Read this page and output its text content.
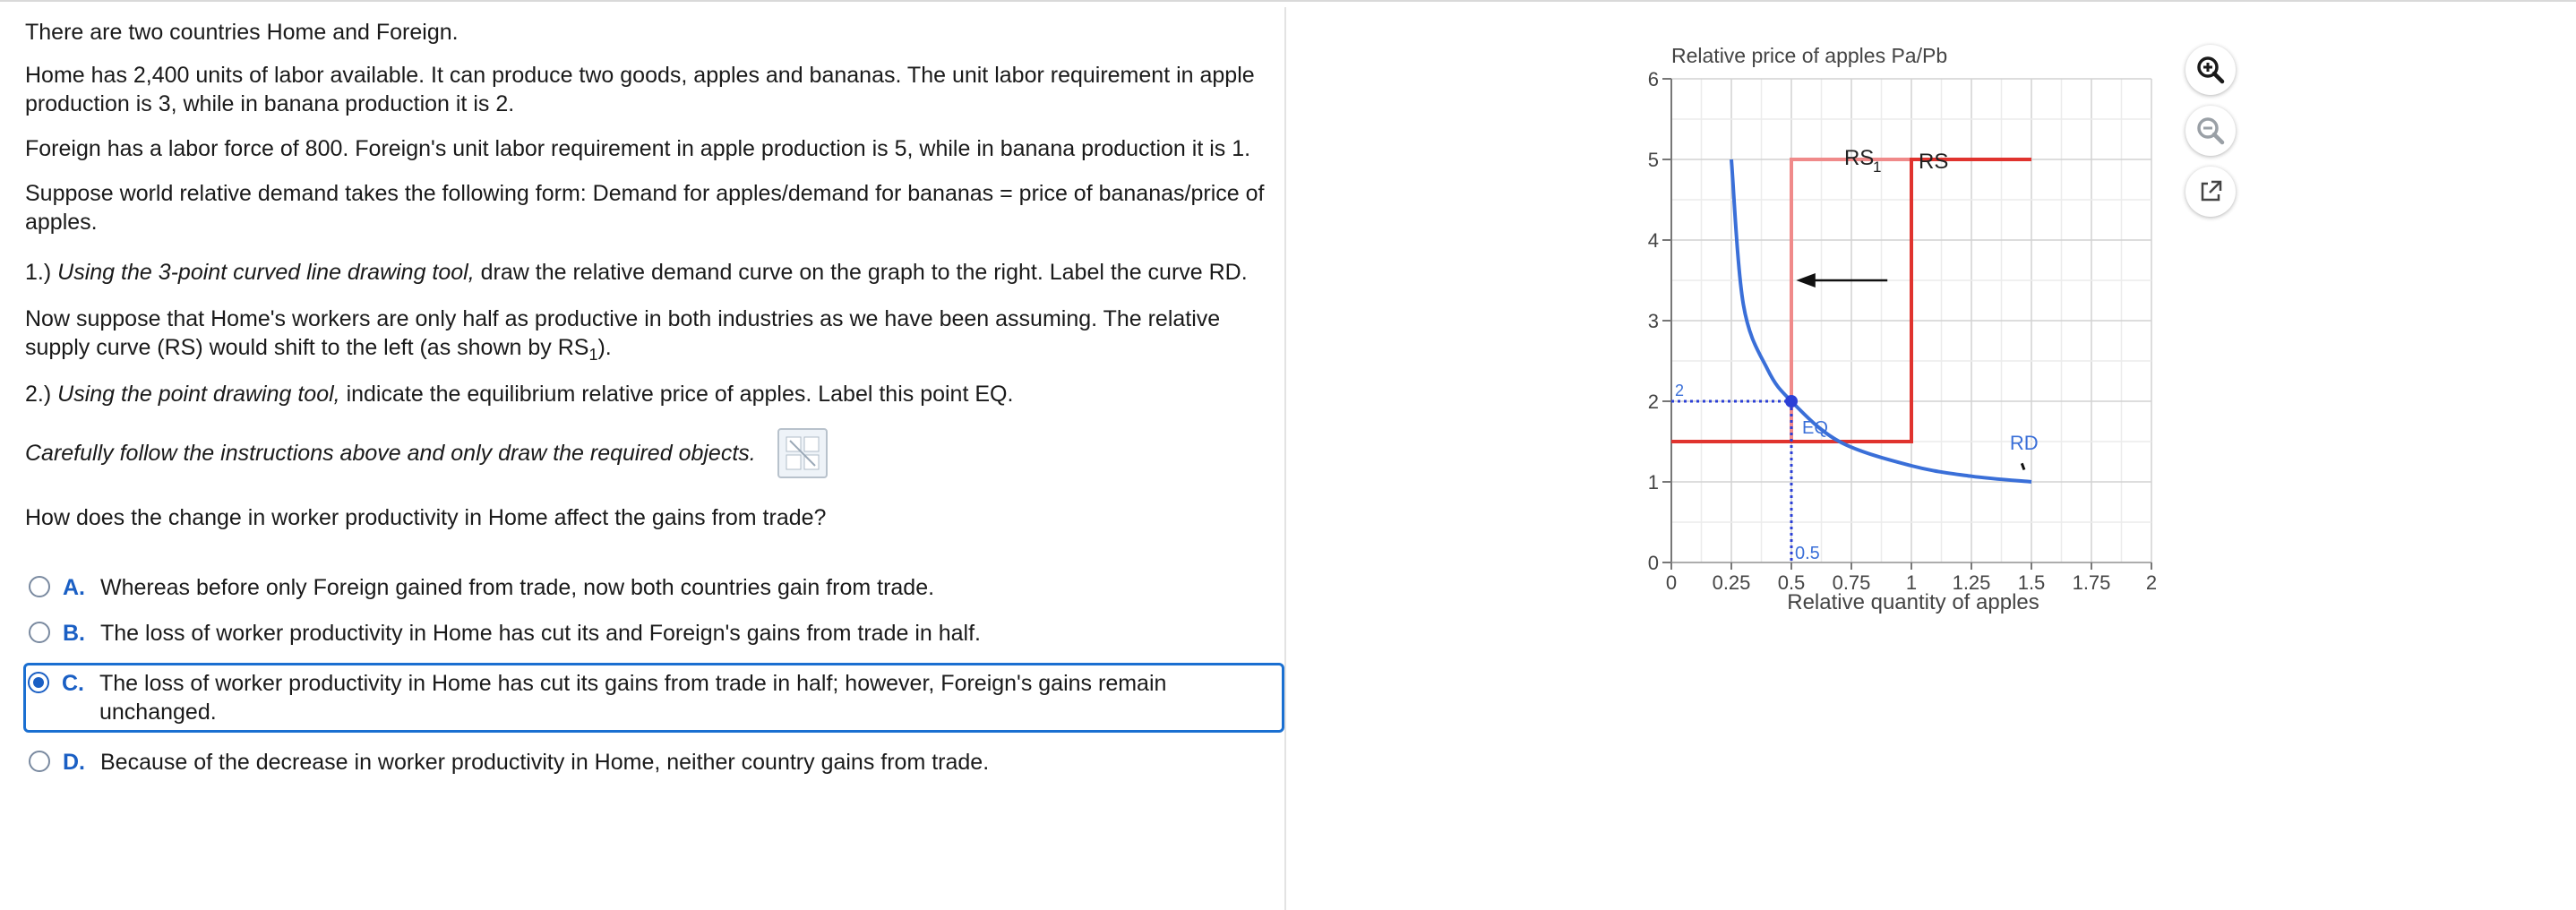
There are two countries Home and Foreign.
Home has 2,400 units of labor available. It can produce two goods, apples and bananas. The unit labor requirement in apple production is 3, while in banana production it is 2.
Foreign has a labor force of 800. Foreign's unit labor requirement in apple production is 5, while in banana production it is 1.
Suppose world relative demand takes the following form: Demand for apples/demand for bananas = price of bananas/price of apples.
1.) Using the 3-point curved line drawing tool, draw the relative demand curve on the graph to the right. Label the curve RD.
Now suppose that Home's workers are only half as productive in both industries as we have been assuming. The relative supply curve (RS) would shift to the left (as shown by $RS_1$).
2.) Using the point drawing tool, indicate the equilibrium relative price of apples. Label this point EQ.
Carefully follow the instructions above and only draw the required objects.
How does the change in worker productivity in Home affect the gains from trade?
A. Whereas before only Foreign gained from trade, now both countries gain from trade.
B. The loss of worker productivity in Home has cut its and Foreign's gains from trade in half.
C. The loss of worker productivity in Home has cut its gains from trade in half; however, Foreign's gains remain unchanged.
D. Because of the decrease in worker productivity in Home, neither country gains from trade.
Relative price of apples Pa/Pb
0 0.25 0.5 0.75 1 1.25 1.5 1.75 2
0
1
2
3
4
5
6
RS
RS
1
RD
EQ
2
0.5
Relative quantity of apples
